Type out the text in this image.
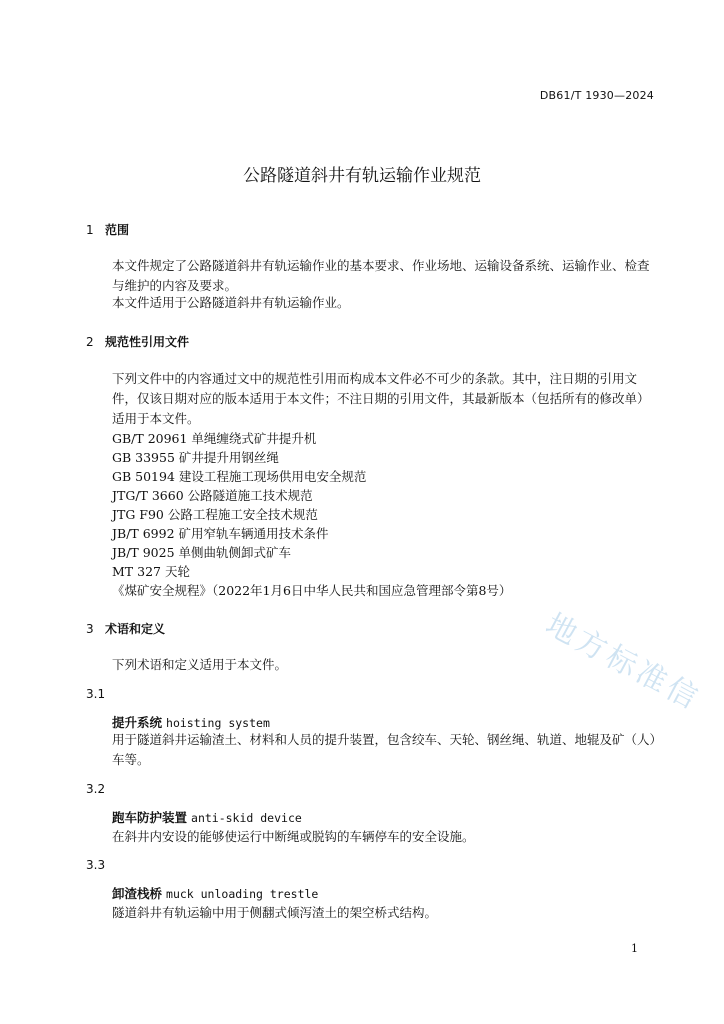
DB61/T 1930—2024
公路隧道斜井有轨运输作业规范
1 范围
本文件规定了公路隧道斜井有轨运输作业的基本要求、作业场地、运输设备系统、运输作业、检查与维护的内容及要求。
本文件适用于公路隧道斜井有轨运输作业。
2 规范性引用文件
下列文件中的内容通过文中的规范性引用而构成本文件必不可少的条款。其中，注日期的引用文件，仅该日期对应的版本适用于本文件；不注日期的引用文件，其最新版本（包括所有的修改单）适用于本文件。
GB/T 20961 单绳缠绕式矿井提升机
GB 33955 矿井提升用钢丝绳
GB 50194 建设工程施工现场供用电安全规范
JTG/T 3660 公路隧道施工技术规范
JTG F90 公路工程施工安全技术规范
JB/T 6992 矿用窄轨车辆通用技术条件
JB/T 9025 单侧曲轨侧卸式矿车
MT 327 天轮
《煤矿安全规程》（2022年1月6日中华人民共和国应急管理部令第8号）
3 术语和定义
下列术语和定义适用于本文件。
3.1
提升系统 hoisting system
用于隧道斜井运输渣土、材料和人员的提升装置，包含绞车、天轮、钢丝绳、轨道、地辊及矿（人）车等。
3.2
跑车防护装置 anti-skid device
在斜井内安设的能够使运行中断绳或脱钩的车辆停车的安全设施。
3.3
卸渣栈桥 muck unloading trestle
隧道斜井有轨运输中用于侧翻式倾泻渣土的架空桥式结构。
1
地方标准信
